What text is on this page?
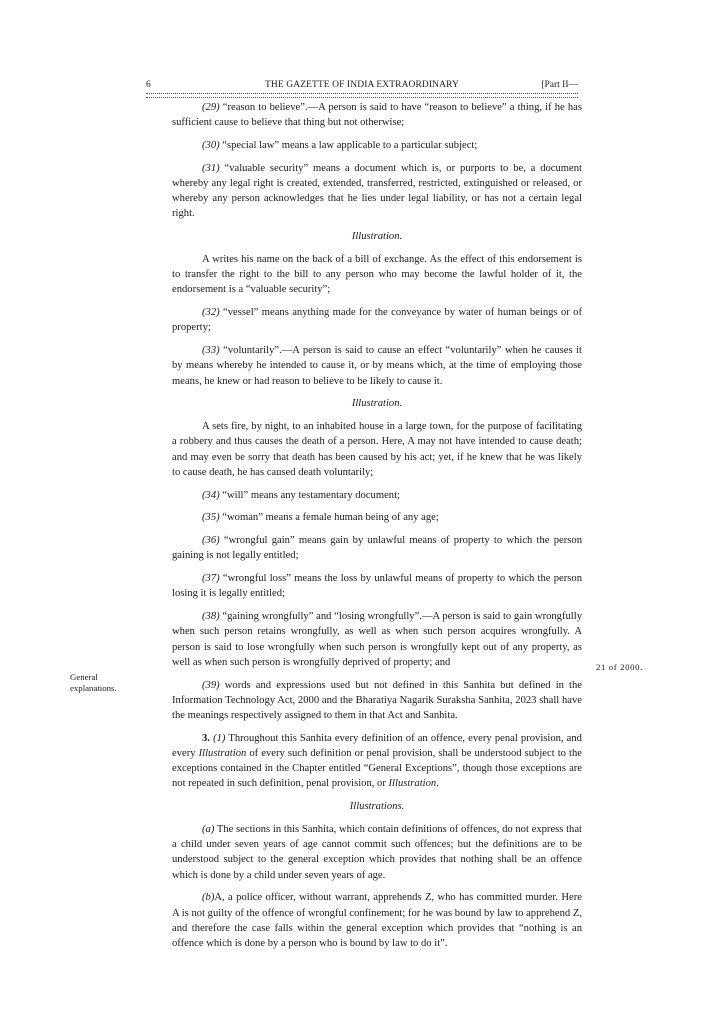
6	THE GAZETTE OF INDIA EXTRAORDINARY	[Part II—

(29) “reason to believe”.—A person is said to have “reason to believe” a thing, if he has sufficient cause to believe that thing but not otherwise;

(30) “special law” means a law applicable to a particular subject;

(31) “valuable security” means a document which is, or purports to be, a document whereby any legal right is created, extended, transferred, restricted, extinguished or released, or whereby any person acknowledges that he lies under legal liability, or has not a certain legal right.

Illustration.

A writes his name on the back of a bill of exchange. As the effect of this endorsement is to transfer the right to the bill to any person who may become the lawful holder of it, the endorsement is a “valuable security”;

(32) “vessel” means anything made for the conveyance by water of human beings or of property;

(33) “voluntarily”.—A person is said to cause an effect “voluntarily” when he causes it by means whereby he intended to cause it, or by means which, at the time of employing those means, he knew or had reason to believe to be likely to cause it.

Illustration.

A sets fire, by night, to an inhabited house in a large town, for the purpose of facilitating a robbery and thus causes the death of a person. Here, A may not have intended to cause death; and may even be sorry that death has been caused by his act; yet, if he knew that he was likely to cause death, he has caused death voluntarily;

(34) “will” means any testamentary document;

(35) “woman” means a female human being of any age;

(36) “wrongful gain” means gain by unlawful means of property to which the person gaining is not legally entitled;

(37) “wrongful loss” means the loss by unlawful means of property to which the person losing it is legally entitled;

(38) “gaining wrongfully” and “losing wrongfully”.—A person is said to gain wrongfully when such person retains wrongfully, as well as when such person acquires wrongfully. A person is said to lose wrongfully when such person is wrongfully kept out of any property, as well as when such person is wrongfully deprived of property; and

(39) words and expressions used but not defined in this Sanhita but defined in the Information Technology Act, 2000 and the Bharatiya Nagarik Suraksha Sanhita, 2023 shall have the meanings respectively assigned to them in that Act and Sanhita.

3. (1) Throughout this Sanhita every definition of an offence, every penal provision, and every Illustration of every such definition or penal provision, shall be understood subject to the exceptions contained in the Chapter entitled “General Exceptions”, though those exceptions are not repeated in such definition, penal provision, or Illustration.

Illustrations.

(a) The sections in this Sanhita, which contain definitions of offences, do not express that a child under seven years of age cannot commit such offences; but the definitions are to be understood subject to the general exception which provides that nothing shall be an offence which is done by a child under seven years of age.

(b)A, a police officer, without warrant, apprehends Z, who has committed murder. Here A is not guilty of the offence of wrongful confinement; for he was bound by law to apprehend Z, and therefore the case falls within the general exception which provides that “nothing is an offence which is done by a person who is bound by law to do it”.

21 of 2000.
General
explanations.
